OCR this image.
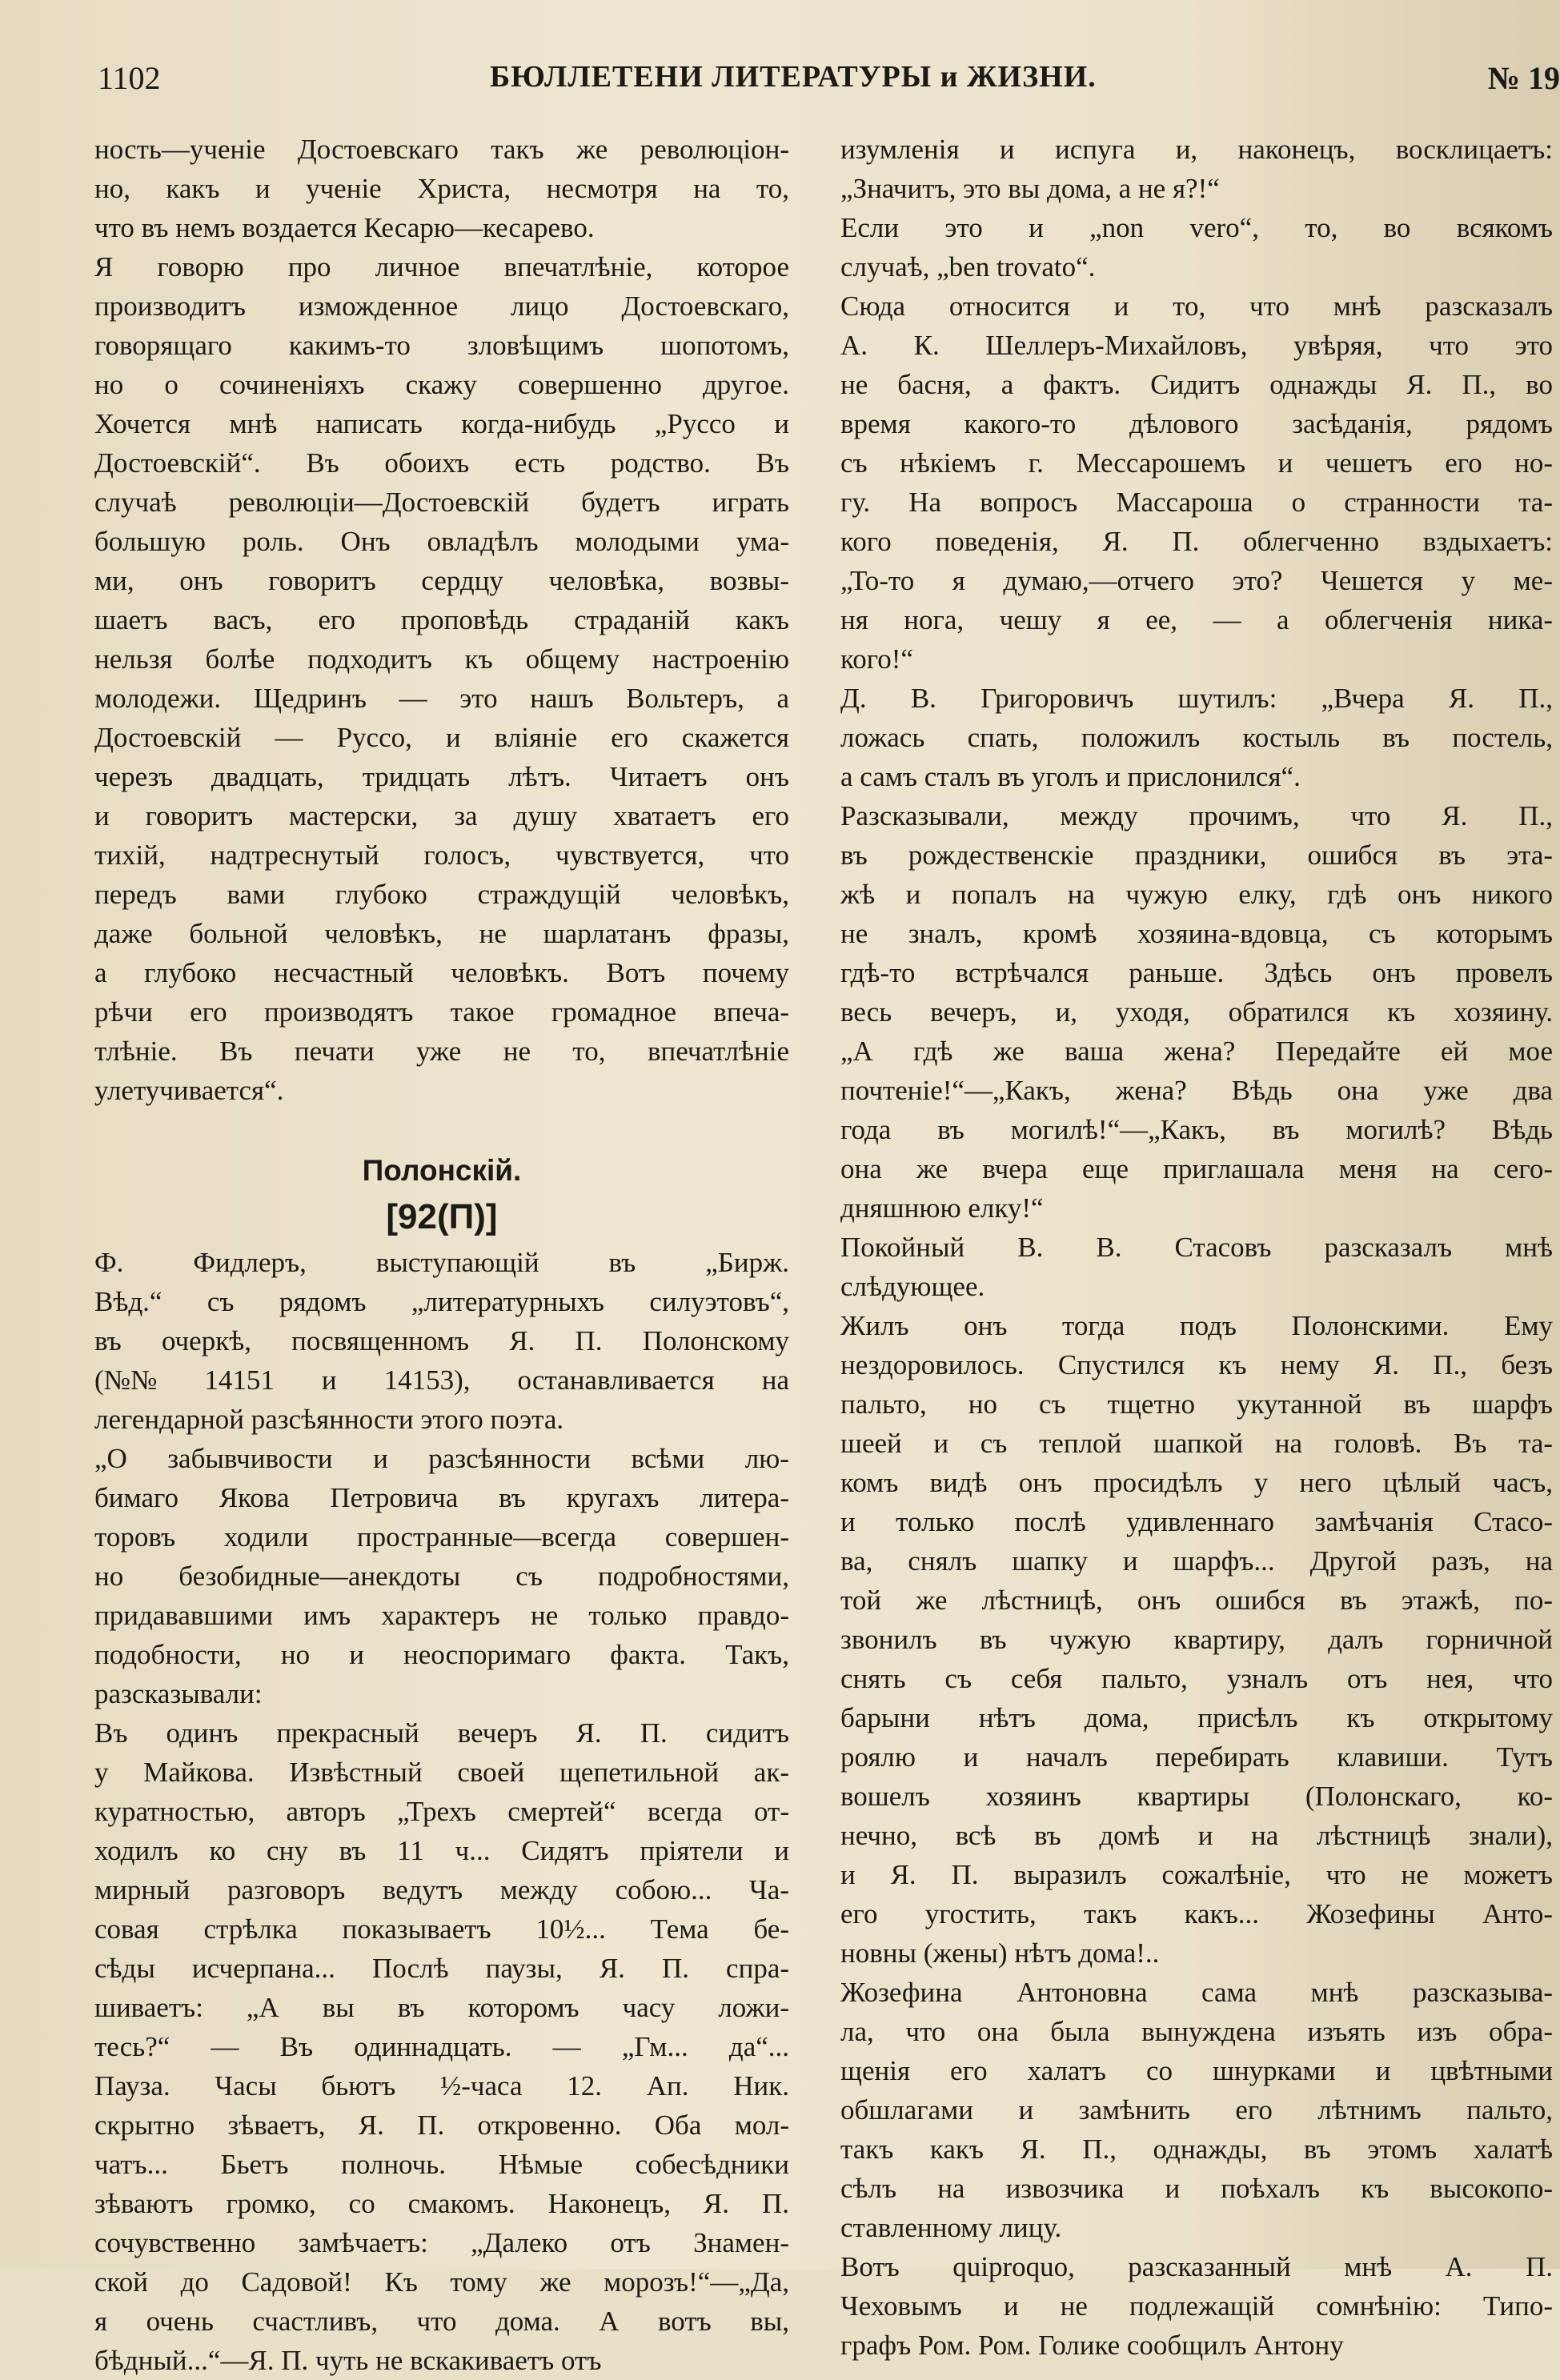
1102	БЮЛЛЕТЕНИ ЛИТЕРАТУРЫ и ЖИЗНИ.	№ 19

ность—ученіе Достоевскаго такъ же революціон-
но, какъ и ученіе Христа, несмотря на то,
что въ немъ воздается Кесарю—кесарево.

Я говорю про личное впечатлѣніе, которое
производитъ изможденное лицо Достоевскаго,
говорящаго какимъ-то зловѣщимъ шопотомъ,
но о сочиненіяхъ скажу совершенно другое.
Хочется мнѣ написать когда-нибудь „Руссо и
Достоевскій“. Въ обоихъ есть родство. Въ
случаѣ революціи—Достоевскій будетъ играть
большую роль. Онъ овладѣлъ молодыми ума-
ми, онъ говоритъ сердцу человѣка, возвы-
шаетъ васъ, его проповѣдь страданій какъ
нельзя болѣе подходитъ къ общему настроенію
молодежи. Щедринъ — это нашъ Вольтеръ, а
Достоевскій — Руссо, и вліяніе его скажется
черезъ двадцать, тридцать лѣтъ. Читаетъ онъ
и говоритъ мастерски, за душу хватаетъ его
тихій, надтреснутый голосъ, чувствуется, что
передъ вами глубоко страждущій человѣкъ,
даже больной человѣкъ, не шарлатанъ фразы,
а глубоко несчастный человѣкъ. Вотъ почему
рѣчи его производятъ такое громадное впеча-
тлѣніе. Въ печати уже не то, впечатлѣніе
улетучивается“.

Полонскій.

[92(П)]

Ф. Фидлеръ, выступающій въ „Бирж.
Вѣд.“ съ рядомъ „литературныхъ силуэтовъ“,
въ очеркѣ, посвященномъ Я. П. Полонскому
(№№ 14151 и 14153), останавливается на
легендарной разсѣянности этого поэта.

„О забывчивости и разсѣянности всѣми лю-
бимаго Якова Петровича въ кругахъ литера-
торовъ ходили пространные—всегда совершен-
но безобидные—анекдоты съ подробностями,
придававшими имъ характеръ не только правдо-
подобности, но и неоспоримаго факта. Такъ,
разсказывали:

Въ одинъ прекрасный вечеръ Я. П. сидитъ
у Майкова. Извѣстный своей щепетильной ак-
куратностью, авторъ „Трехъ смертей“ всегда от-
ходилъ ко сну въ 11 ч... Сидятъ пріятели и
мирный разговоръ ведутъ между собою... Ча-
совая стрѣлка показываетъ 10½... Тема бе-
сѣды исчерпана... Послѣ паузы, Я. П. спра-
шиваетъ: „А вы въ которомъ часу ложи-
тесь?“ — Въ одиннадцать. — „Гм... да“...
Пауза. Часы бьютъ ½-часа 12. Ап. Ник.
скрытно зѣваетъ, Я. П. откровенно. Оба мол-
чатъ... Бьетъ полночь. Нѣмые собесѣдники
зѣваютъ громко, со смакомъ. Наконецъ, Я. П.
сочувственно замѣчаетъ: „Далеко отъ Знамен-
ской до Садовой! Къ тому же морозъ!“—„Да,
я очень счастливъ, что дома. А вотъ вы,
бѣдный...“—Я. П. чуть не вскакиваетъ отъ

изумленія и испуга и, наконецъ, восклицаетъ:
„Значитъ, это вы дома, а не я?!“

Если это и „non vero“, то, во всякомъ
случаѣ, „ben trovato“.

Сюда относится и то, что мнѣ разсказалъ
А. К. Шеллеръ-Михайловъ, увѣряя, что это
не басня, а фактъ. Сидитъ однажды Я. П., во
время какого-то дѣлового засѣданія, рядомъ
съ нѣкіемъ г. Мессарошемъ и чешетъ его но-
гу. На вопросъ Массароша о странности та-
кого поведенія, Я. П. облегченно вздыхаетъ:
„То-то я думаю,—отчего это? Чешется у ме-
ня нога, чешу я ее, — а облегченія ника-
кого!“

Д. В. Григоровичъ шутилъ: „Вчера Я. П.,
ложась спать, положилъ костыль въ постель,
а самъ сталъ въ уголъ и прислонился“.

Разсказывали, между прочимъ, что Я. П.,
въ рождественскіе праздники, ошибся въ эта-
жѣ и попалъ на чужую елку, гдѣ онъ никого
не зналъ, кромѣ хозяина-вдовца, съ которымъ
гдѣ-то встрѣчался раньше. Здѣсь онъ провелъ
весь вечеръ, и, уходя, обратился къ хозяину.
„А гдѣ же ваша жена? Передайте ей мое
почтеніе!“—„Какъ, жена? Вѣдь она уже два
года въ могилѣ!“—„Какъ, въ могилѣ? Вѣдь
она же вчера еще приглашала меня на сего-
дняшнюю елку!“

Покойный В. В. Стасовъ разсказалъ мнѣ
слѣдующее.

Жилъ онъ тогда подъ Полонскими. Ему
нездоровилось. Спустился къ нему Я. П., безъ
пальто, но съ тщетно укутанной въ шарфъ
шеей и съ теплой шапкой на головѣ. Въ та-
комъ видѣ онъ просидѣлъ у него цѣлый часъ,
и только послѣ удивленнаго замѣчанія Стасо-
ва, снялъ шапку и шарфъ... Другой разъ, на
той же лѣстницѣ, онъ ошибся въ этажѣ, по-
звонилъ въ чужую квартиру, далъ горничной
снять съ себя пальто, узналъ отъ нея, что
барыни нѣтъ дома, присѣлъ къ открытому
роялю и началъ перебирать клавиши. Тутъ
вошелъ хозяинъ квартиры (Полонскаго, ко-
нечно, всѣ въ домѣ и на лѣстницѣ знали),
и Я. П. выразилъ сожалѣніе, что не можетъ
его угостить, такъ какъ... Жозефины Анто-
новны (жены) нѣтъ дома!..

Жозефина Антоновна сама мнѣ разсказыва-
ла, что она была вынуждена изъять изъ обра-
щенія его халатъ со шнурками и цвѣтными
обшлагами и замѣнить его лѣтнимъ пальто,
такъ какъ Я. П., однажды, въ этомъ халатѣ
сѣлъ на извозчика и поѣхалъ къ высокопо-
ставленному лицу.

Вотъ quiproquo, разсказанный мнѣ А. П.
Чеховымъ и не подлежащій сомнѣнію: Типо-
графъ Ром. Ром. Голике сообщилъ Антону
